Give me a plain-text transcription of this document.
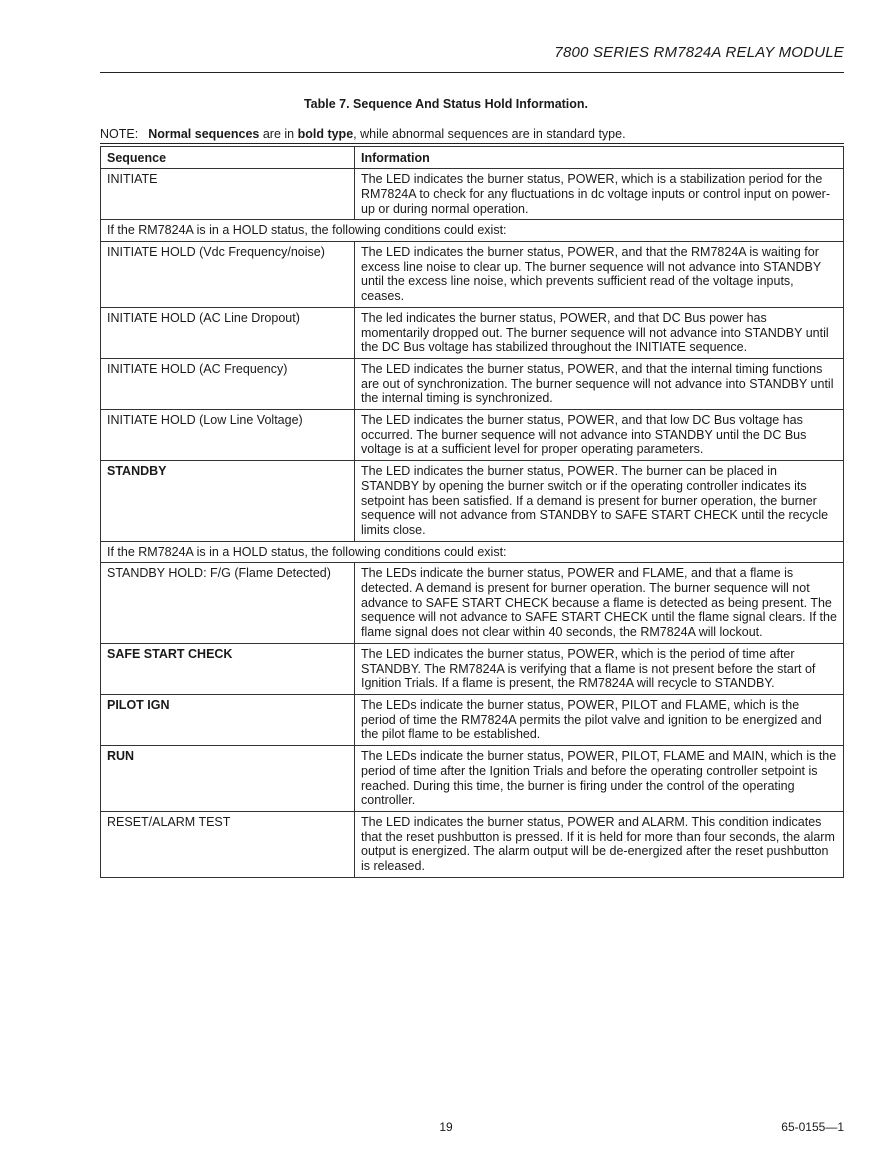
7800 SERIES RM7824A RELAY MODULE
Table 7. Sequence And Status Hold Information.
NOTE: Normal sequences are in bold type, while abnormal sequences are in standard type.
Sequence	Information
INITIATE	The LED indicates the burner status, POWER, which is a stabilization period for the RM7824A to check for any fluctuations in dc voltage inputs or control input on power-up or during normal operation.
If the RM7824A is in a HOLD status, the following conditions could exist:	
INITIATE HOLD (Vdc Frequency/noise)	The LED indicates the burner status, POWER, and that the RM7824A is waiting for excess line noise to clear up. The burner sequence will not advance into STANDBY until the excess line noise, which prevents sufficient read of the voltage inputs, ceases.
INITIATE HOLD (AC Line Dropout)	The led indicates the burner status, POWER, and that DC Bus power has momentarily dropped out. The burner sequence will not advance into STANDBY until the DC Bus voltage has stabilized throughout the INITIATE sequence.
INITIATE HOLD (AC Frequency)	The LED indicates the burner status, POWER, and that the internal timing functions are out of synchronization. The burner sequence will not advance into STANDBY until the internal timing is synchronized.
INITIATE HOLD (Low Line Voltage)	The LED indicates the burner status, POWER, and that low DC Bus voltage has occurred. The burner sequence will not advance into STANDBY until the DC Bus voltage is at a sufficient level for proper operating parameters.
STANDBY	The LED indicates the burner status, POWER. The burner can be placed in STANDBY by opening the burner switch or if the operating controller indicates its setpoint has been satisfied. If a demand is present for burner operation, the burner sequence will not advance from STANDBY to SAFE START CHECK until the recycle limits close.
If the RM7824A is in a HOLD status, the following conditions could exist:	
STANDBY HOLD: F/G (Flame Detected)	The LEDs indicate the burner status, POWER and FLAME, and that a flame is detected. A demand is present for burner operation. The burner sequence will not advance to SAFE START CHECK because a flame is detected as being present. The sequence will not advance to SAFE START CHECK until the flame signal clears. If the flame signal does not clear within 40 seconds, the RM7824A will lockout.
SAFE START CHECK	The LED indicates the burner status, POWER, which is the period of time after STANDBY. The RM7824A is verifying that a flame is not present before the start of Ignition Trials. If a flame is present, the RM7824A will recycle to STANDBY.
PILOT IGN	The LEDs indicate the burner status, POWER, PILOT and FLAME, which is the period of time the RM7824A permits the pilot valve and ignition to be energized and the pilot flame to be established.
RUN	The LEDs indicate the burner status, POWER, PILOT, FLAME and MAIN, which is the period of time after the Ignition Trials and before the operating controller setpoint is reached. During this time, the burner is firing under the control of the operating controller.
RESET/ALARM TEST	The LED indicates the burner status, POWER and ALARM. This condition indicates that the reset pushbutton is pressed. If it is held for more than four seconds, the alarm output is energized. The alarm output will be de-energized after the reset pushbutton is released.
19	65-0155—1
